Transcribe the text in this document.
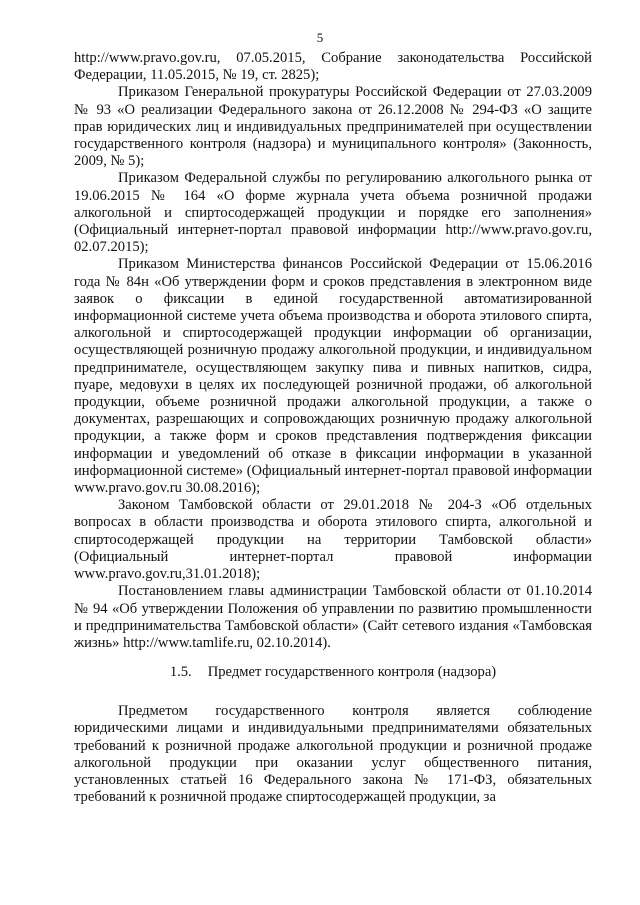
5

http://www.pravo.gov.ru, 07.05.2015, Собрание законодательства Российской Федерации, 11.05.2015, № 19, ст. 2825);

Приказом Генеральной прокуратуры Российской Федерации от 27.03.2009 № 93 «О реализации Федерального закона от 26.12.2008 № 294-ФЗ «О защите прав юридических лиц и индивидуальных предпринимателей при осуществлении государственного контроля (надзора) и муниципального контроля» (Законность, 2009, № 5);

Приказом Федеральной службы по регулированию алкогольного рынка от 19.06.2015 № 164 «О форме журнала учета объема розничной продажи алкогольной и спиртосодержащей продукции и порядке его заполнения» (Официальный интернет-портал правовой информации http://www.pravo.gov.ru, 02.07.2015);

Приказом Министерства финансов Российской Федерации от 15.06.2016 года № 84н «Об утверждении форм и сроков представления в электронном виде заявок о фиксации в единой государственной автоматизированной информационной системе учета объема производства и оборота этилового спирта, алкогольной и спиртосодержащей продукции информации об организации, осуществляющей розничную продажу алкогольной продукции, и индивидуальном предпринимателе, осуществляющем закупку пива и пивных напитков, сидра, пуаре, медовухи в целях их последующей розничной продажи, об алкогольной продукции, объеме розничной продажи алкогольной продукции, а также о документах, разрешающих и сопровождающих розничную продажу алкогольной продукции, а также форм и сроков представления подтверждения фиксации информации и уведомлений об отказе в фиксации информации в указанной информационной системе» (Официальный интернет-портал правовой информации www.pravo.gov.ru 30.08.2016);

Законом Тамбовской области от 29.01.2018 № 204-З «Об отдельных вопросах в области производства и оборота этилового спирта, алкогольной и спиртосодержащей продукции на территории Тамбовской области» (Официальный интернет-портал правовой информации www.pravo.gov.ru,31.01.2018);

Постановлением главы администрации Тамбовской области от 01.10.2014 № 94 «Об утверждении Положения об управлении по развитию промышленности и предпринимательства Тамбовской области» (Сайт сетевого издания «Тамбовская жизнь» http://www.tamlife.ru, 02.10.2014).

1.5. Предмет государственного контроля (надзора)

Предметом государственного контроля является соблюдение юридическими лицами и индивидуальными предпринимателями обязательных требований к розничной продаже алкогольной продукции и розничной продаже алкогольной продукции при оказании услуг общественного питания, установленных статьей 16 Федерального закона № 171-ФЗ, обязательных требований к розничной продаже спиртосодержащей продукции, за
